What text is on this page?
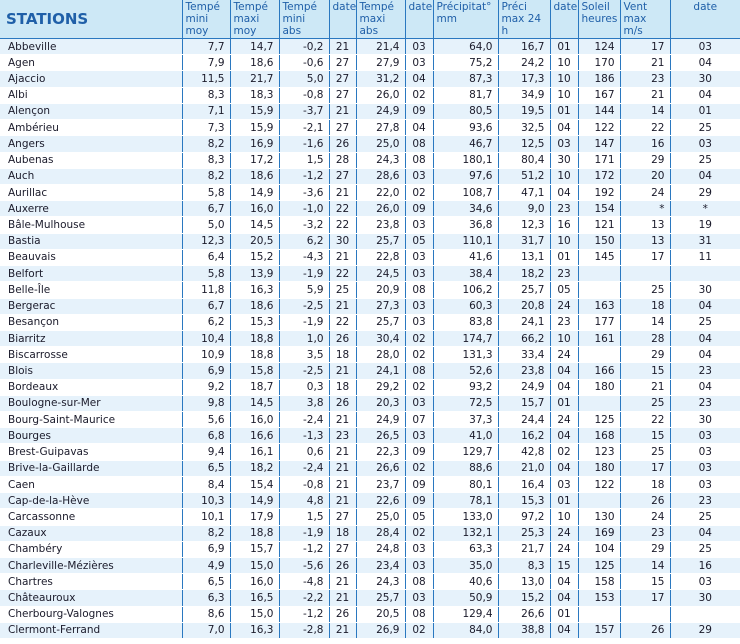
STATIONS	Tempé mini moy	Tempé maxi moy	Tempé mini abs	date	Tempé maxi abs	date	Précipitat° mm	Préci max 24 h	date	Soleil heures	Vent max m/s	date
Abbeville	7,7	14,7	-0,2	21	21,4	03	64,0	16,7	01	124	17	03
Agen	7,9	18,6	-0,6	27	27,9	03	75,2	24,2	10	170	21	04
Ajaccio	11,5	21,7	5,0	27	31,2	04	87,3	17,3	10	186	23	30
Albi	8,3	18,3	-0,8	27	26,0	02	81,7	34,9	10	167	21	04
Alençon	7,1	15,9	-3,7	21	24,9	09	80,5	19,5	01	144	14	01
Ambérieu	7,3	15,9	-2,1	27	27,8	04	93,6	32,5	04	122	22	25
Angers	8,2	16,9	-1,6	26	25,0	08	46,7	12,5	03	147	16	03
Aubenas	8,3	17,2	1,5	28	24,3	08	180,1	80,4	30	171	29	25
Auch	8,2	18,6	-1,2	27	28,6	03	97,6	51,2	10	172	20	04
Aurillac	5,8	14,9	-3,6	21	22,0	02	108,7	47,1	04	192	24	29
Auxerre	6,7	16,0	-1,0	22	26,0	09	34,6	9,0	23	154	*	*
Bâle-Mulhouse	5,0	14,5	-3,2	22	23,8	03	36,8	12,3	16	121	13	19
Bastia	12,3	20,5	6,2	30	25,7	05	110,1	31,7	10	150	13	31
Beauvais	6,4	15,2	-4,3	21	22,8	03	41,6	13,1	01	145	17	11
Belfort	5,8	13,9	-1,9	22	24,5	03	38,4	18,2	23			
Belle-Île	11,8	16,3	5,9	25	20,9	08	106,2	25,7	05		25	30
Bergerac	6,7	18,6	-2,5	21	27,3	03	60,3	20,8	24	163	18	04
Besançon	6,2	15,3	-1,9	22	25,7	03	83,8	24,1	23	177	14	25
Biarritz	10,4	18,8	1,0	26	30,4	02	174,7	66,2	10	161	28	04
Biscarrosse	10,9	18,8	3,5	18	28,0	02	131,3	33,4	24		29	04
Blois	6,9	15,8	-2,5	21	24,1	08	52,6	23,8	04	166	15	23
Bordeaux	9,2	18,7	0,3	18	29,2	02	93,2	24,9	04	180	21	04
Boulogne-sur-Mer	9,8	14,5	3,8	26	20,3	03	72,5	15,7	01		25	23
Bourg-Saint-Maurice	5,6	16,0	-2,4	21	24,9	07	37,3	24,4	24	125	22	30
Bourges	6,8	16,6	-1,3	23	26,5	03	41,0	16,2	04	168	15	03
Brest-Guipavas	9,4	16,1	0,6	21	22,3	09	129,7	42,8	02	123	25	03
Brive-la-Gaillarde	6,5	18,2	-2,4	21	26,6	02	88,6	21,0	04	180	17	03
Caen	8,4	15,4	-0,8	21	23,7	09	80,1	16,4	03	122	18	03
Cap-de-la-Hève	10,3	14,9	4,8	21	22,6	09	78,1	15,3	01		26	23
Carcassonne	10,1	17,9	1,5	27	25,0	05	133,0	97,2	10	130	24	25
Cazaux	8,2	18,8	-1,9	18	28,4	02	132,1	25,3	24	169	23	04
Chambéry	6,9	15,7	-1,2	27	24,8	03	63,3	21,7	24	104	29	25
Charleville-Mézières	4,9	15,0	-5,6	26	23,4	03	35,0	8,3	15	125	14	16
Chartres	6,5	16,0	-4,8	21	24,3	08	40,6	13,0	04	158	15	03
Châteauroux	6,3	16,5	-2,2	21	25,7	03	50,9	15,2	04	153	17	30
Cherbourg-Valognes	8,6	15,0	-1,2	26	20,5	08	129,4	26,6	01			
Clermont-Ferrand	7,0	16,3	-2,8	21	26,9	02	84,0	38,8	04	157	26	29
